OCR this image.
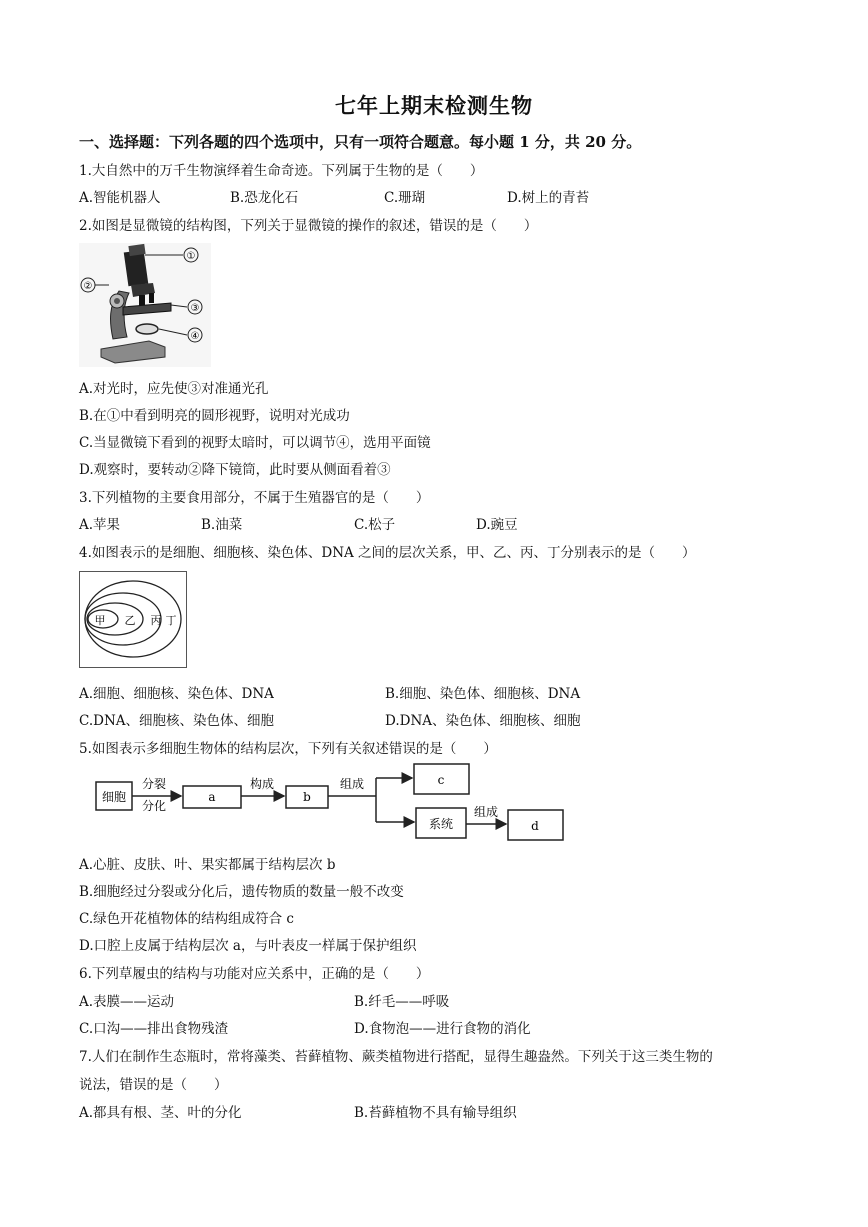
七年上期末检测生物
一、选择题：下列各题的四个选项中，只有一项符合题意。每小题 1 分，共 20 分。
1.大自然中的万千生物演绎着生命奇迹。下列属于生物的是（　　）
A.智能机器人	B.恐龙化石	C.珊瑚	D.树上的青苔
2.如图是显微镜的结构图，下列关于显微镜的操作的叙述，错误的是（　　）
①
②
③
④
A.对光时，应先使③对准通光孔
B.在①中看到明亮的圆形视野，说明对光成功
C.当显微镜下看到的视野太暗时，可以调节④，选用平面镜
D.观察时，要转动②降下镜筒，此时要从侧面看着③
3.下列植物的主要食用部分，不属于生殖器官的是（　　）
A.苹果	B.油菜	C.松子	D.豌豆
4.如图表示的是细胞、细胞核、染色体、DNA 之间的层次关系，甲、乙、丙、丁分别表示的是（　　）
甲 乙 丙 丁
A.细胞、细胞核、染色体、DNA	B.细胞、染色体、细胞核、DNA
C.DNA、细胞核、染色体、细胞	D.DNA、染色体、细胞核、细胞
5.如图表示多细胞生物体的结构层次，下列有关叙述错误的是（　　）
细胞
分裂
分化
a
构成
b
组成	c
系统
组成
d
A.心脏、皮肤、叶、果实都属于结构层次 b
B.细胞经过分裂或分化后，遗传物质的数量一般不改变
C.绿色开花植物体的结构组成符合 c
D.口腔上皮属于结构层次 a，与叶表皮一样属于保护组织
6.下列草履虫的结构与功能对应关系中，正确的是（　　）
A.表膜——运动	B.纤毛——呼吸
C.口沟——排出食物残渣	D.食物泡——进行食物的消化
7.人们在制作生态瓶时，常将藻类、苔藓植物、蕨类植物进行搭配，显得生趣盎然。下列关于这三类生物的
说法，错误的是（　　）
A.都具有根、茎、叶的分化	B.苔藓植物不具有输导组织
